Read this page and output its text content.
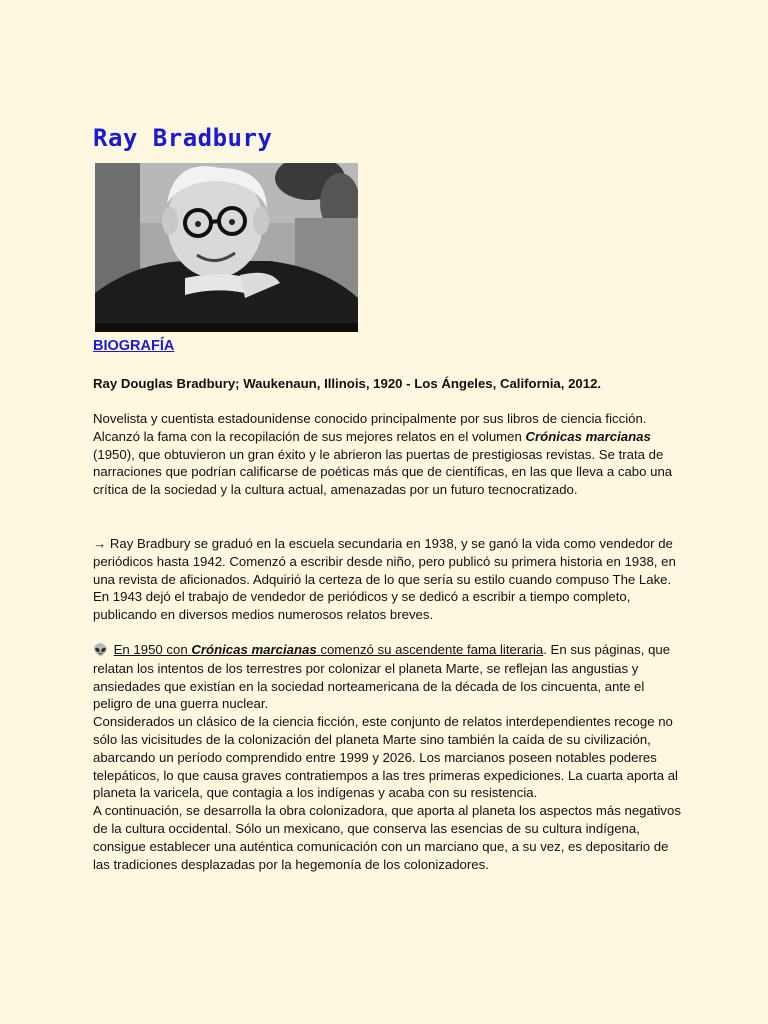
Ray Bradbury
BIOGRAFÍA

Ray Douglas Bradbury; Waukenaun, Illinois, 1920 - Los Ángeles, California, 2012.

Novelista y cuentista estadounidense conocido principalmente por sus libros de ciencia ficción. Alcanzó la fama con la recopilación de sus mejores relatos en el volumen Crónicas marcianas (1950), que obtuvieron un gran éxito y le abrieron las puertas de prestigiosas revistas. Se trata de narraciones que podrían calificarse de poéticas más que de científicas, en las que lleva a cabo una crítica de la sociedad y la cultura actual, amenazadas por un futuro tecnocratizado.

→ Ray Bradbury se graduó en la escuela secundaria en 1938, y se ganó la vida como vendedor de periódicos hasta 1942. Comenzó a escribir desde niño, pero publicó su primera historia en 1938, en una revista de aficionados. Adquirió la certeza de lo que sería su estilo cuando compuso The Lake. En 1943 dejó el trabajo de vendedor de periódicos y se dedicó a escribir a tiempo completo, publicando en diversos medios numerosos relatos breves.

👽 En 1950 con Crónicas marcianas comenzó su ascendente fama literaria. En sus páginas, que relatan los intentos de los terrestres por colonizar el planeta Marte, se reflejan las angustias y ansiedades que existían en la sociedad norteamericana de la década de los cincuenta, ante el peligro de una guerra nuclear.
Considerados un clásico de la ciencia ficción, este conjunto de relatos interdependientes recoge no sólo las vicisitudes de la colonización del planeta Marte sino también la caída de su civilización, abarcando un período comprendido entre 1999 y 2026. Los marcianos poseen notables poderes telepáticos, lo que causa graves contratiempos a las tres primeras expediciones. La cuarta aporta al planeta la varicela, que contagia a los indígenas y acaba con su resistencia.
A continuación, se desarrolla la obra colonizadora, que aporta al planeta los aspectos más negativos de la cultura occidental. Sólo un mexicano, que conserva las esencias de su cultura indígena, consigue establecer una auténtica comunicación con un marciano que, a su vez, es depositario de las tradiciones desplazadas por la hegemonía de los colonizadores.
